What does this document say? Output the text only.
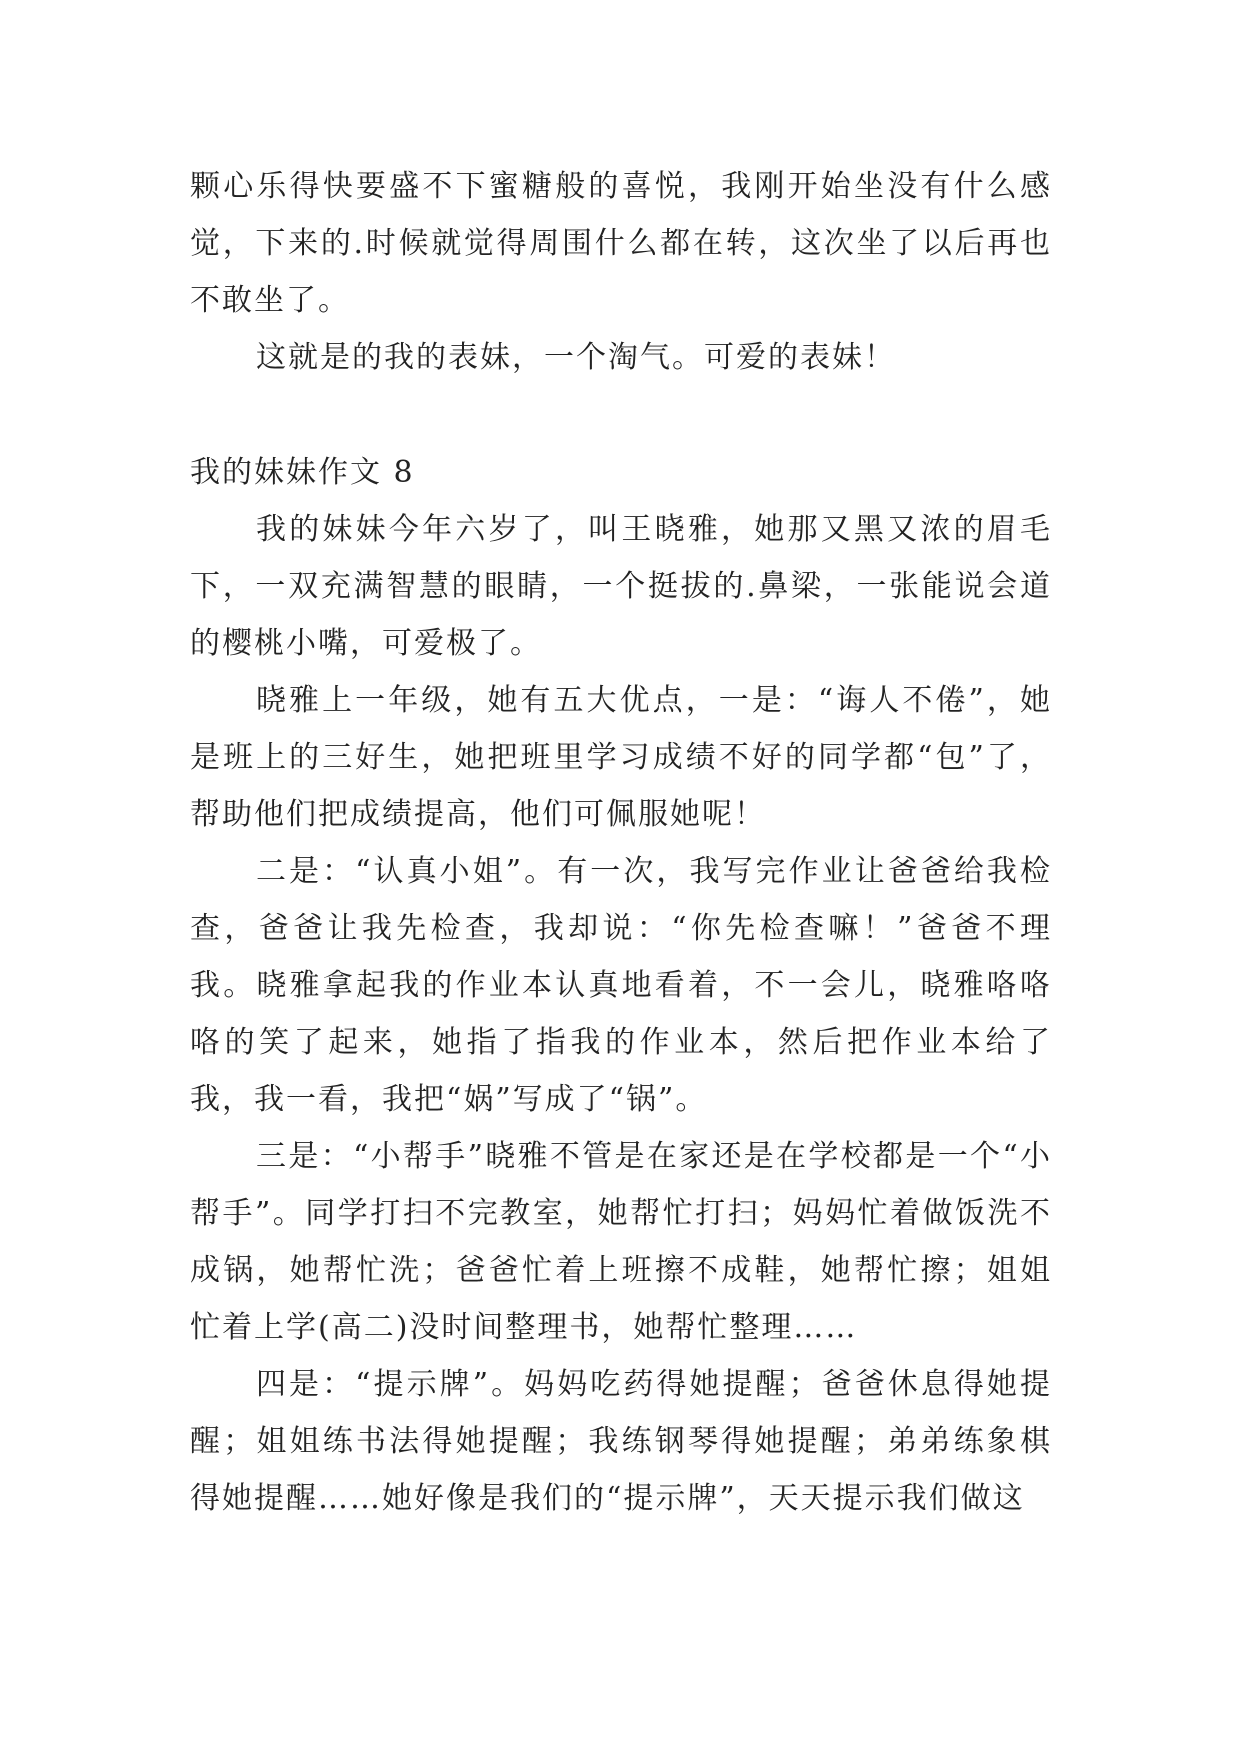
颗心乐得快要盛不下蜜糖般的喜悦，我刚开始坐没有什么感觉，下来的.时候就觉得周围什么都在转，这次坐了以后再也不敢坐了。

这就是的我的表妹，一个淘气。可爱的表妹！

我的妹妹作文 8

我的妹妹今年六岁了，叫王晓雅，她那又黑又浓的眉毛下，一双充满智慧的眼睛，一个挺拔的.鼻梁，一张能说会道的樱桃小嘴，可爱极了。

晓雅上一年级，她有五大优点，一是：“诲人不倦”，她是班上的三好生，她把班里学习成绩不好的同学都“包”了，帮助他们把成绩提高，他们可佩服她呢！

二是：“认真小姐”。有一次，我写完作业让爸爸给我检查，爸爸让我先检查，我却说：“你先检查嘛！”爸爸不理我。晓雅拿起我的作业本认真地看着，不一会儿，晓雅咯咯咯的笑了起来，她指了指我的作业本，然后把作业本给了我，我一看，我把“娲”写成了“锅”。

三是：“小帮手”晓雅不管是在家还是在学校都是一个“小帮手”。同学打扫不完教室，她帮忙打扫；妈妈忙着做饭洗不成锅，她帮忙洗；爸爸忙着上班擦不成鞋，她帮忙擦；姐姐忙着上学(高二)没时间整理书，她帮忙整理……

四是：“提示牌”。妈妈吃药得她提醒；爸爸休息得她提醒；姐姐练书法得她提醒；我练钢琴得她提醒；弟弟练象棋得她提醒……她好像是我们的“提示牌”，天天提示我们做这
